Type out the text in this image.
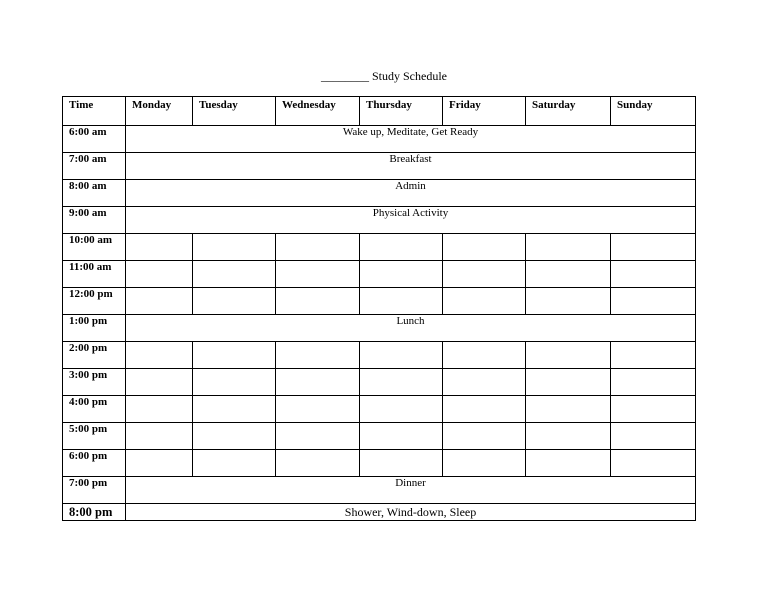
________ Study Schedule
Time	Monday	Tuesday	Wednesday	Thursday	Friday	Saturday	Sunday
6:00 am	Wake up, Meditate, Get Ready						
7:00 am	Breakfast						
8:00 am	Admin						
9:00 am	Physical Activity						
10:00 am							
11:00 am							
12:00 pm							
1:00 pm	Lunch						
2:00 pm							
3:00 pm							
4:00 pm							
5:00 pm							
6:00 pm							
7:00 pm	Dinner						
8:00 pm	Shower, Wind-down, Sleep						
